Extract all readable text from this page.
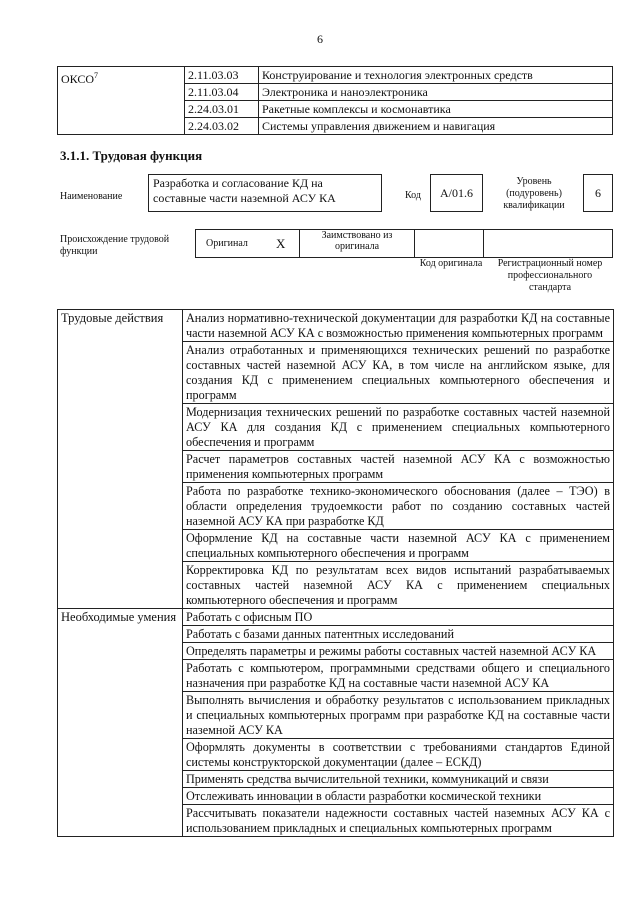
6
ОКСО$^7$	2.11.03.03	Конструирование и технология электронных средств
	2.11.03.04	Электроника и наноэлектроника
	2.24.03.01	Ракетные комплексы и космонавтика
	2.24.03.02	Системы управления движением и навигация
3.1.1. Трудовая функция
Наименование
Разработка и согласование КД на составные части наземной АСУ КА	Код	A/01.6
Уровень (подуровень) квалификации
6
Происхождение трудовой функции
Оригинал	X	Заимствовано из оригинала		
Код оригинала	Регистрационный номер профессионального стандарта
Трудовые действия	Анализ нормативно-технической документации для разработки КД на составные части наземной АСУ КА с возможностью применения компьютерных программ
	Анализ отработанных и применяющихся технических решений по разработке составных частей наземной АСУ КА, в том числе на английском языке, для создания КД с применением специальных компьютерного обеспечения и программ
	Модернизация технических решений по разработке составных частей наземной АСУ КА для создания КД с применением специальных компьютерного обеспечения и программ
	Расчет параметров составных частей наземной АСУ КА с возможностью применения компьютерных программ
	Работа по разработке технико-экономического обоснования (далее – ТЭО) в области определения трудоемкости работ по созданию составных частей наземной АСУ КА при разработке КД
	Оформление КД на составные части наземной АСУ КА с применением специальных компьютерного обеспечения и программ
	Корректировка КД по результатам всех видов испытаний разрабатываемых составных частей наземной АСУ КА с применением специальных компьютерного обеспечения и программ
Необходимые умения	Работать с офисным ПО
	Работать с базами данных патентных исследований
	Определять параметры и режимы работы составных частей наземной АСУ КА
	Работать с компьютером, программными средствами общего и специального назначения при разработке КД на составные части наземной АСУ КА
	Выполнять вычисления и обработку результатов с использованием прикладных и специальных компьютерных программ при разработке КД на составные части наземной АСУ КА
	Оформлять документы в соответствии с требованиями стандартов Единой системы конструкторской документации (далее – ЕСКД)
	Применять средства вычислительной техники, коммуникаций и связи
	Отслеживать инновации в области разработки космической техники
	Рассчитывать показатели надежности составных частей наземных АСУ КА с использованием прикладных и специальных компьютерных программ
